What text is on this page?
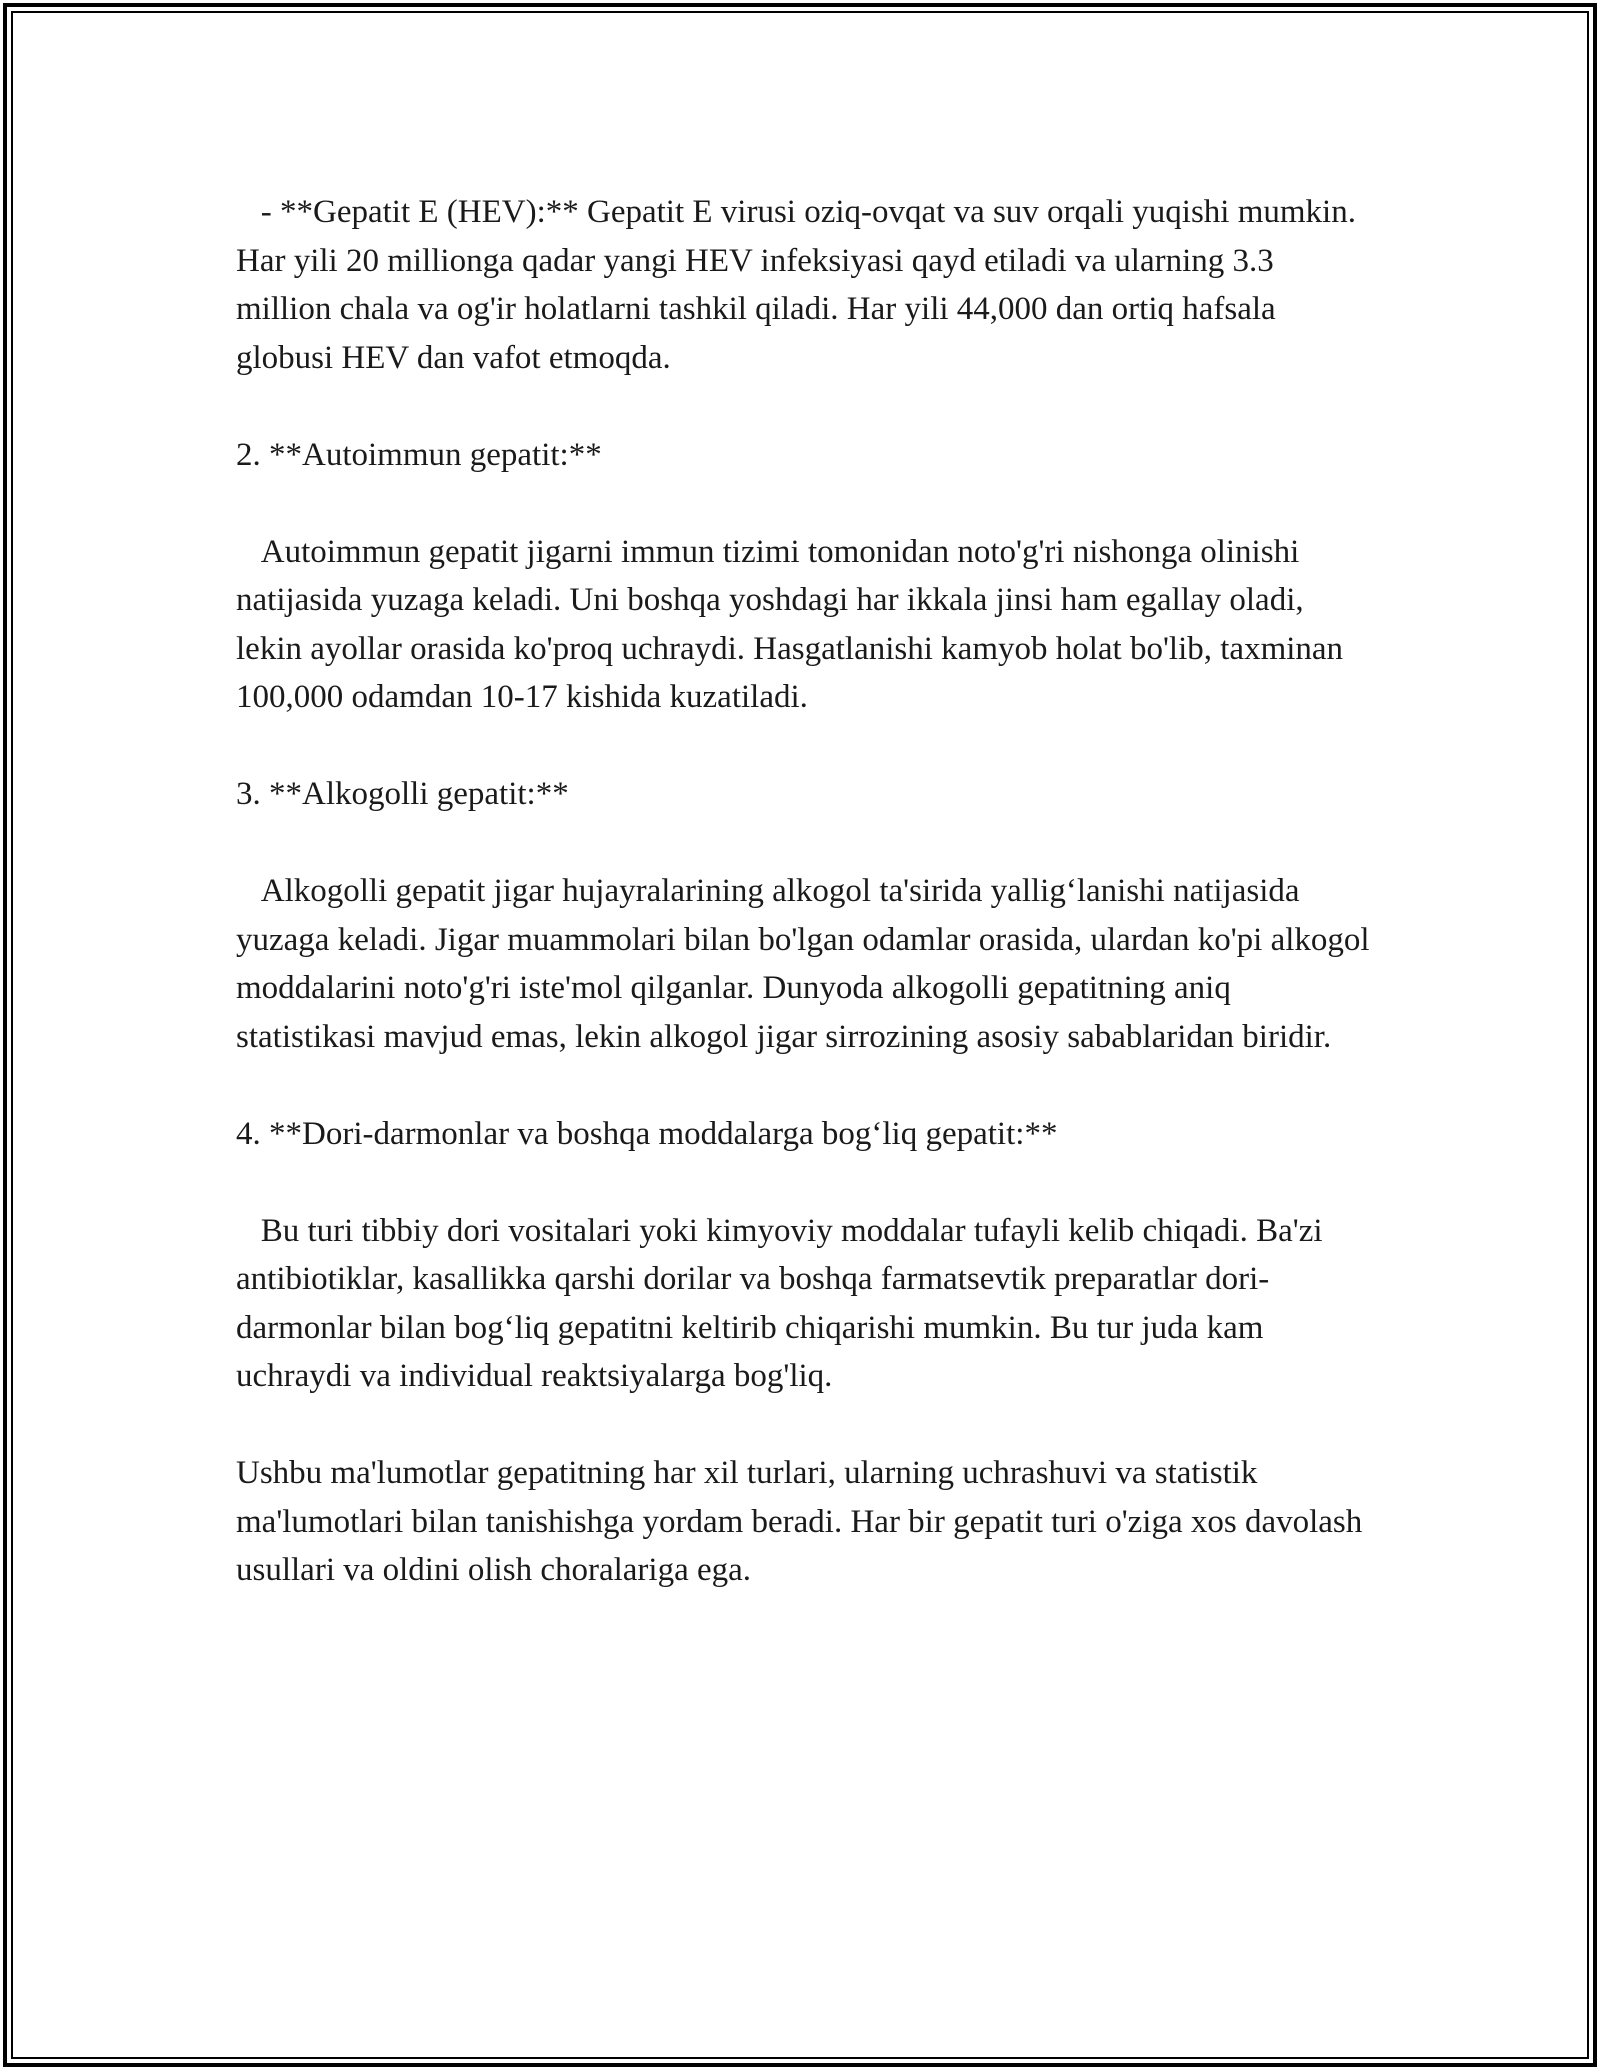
- **Gepatit E (HEV):** Gepatit E virusi oziq-ovqat va suv orqali yuqishi mumkin. Har yili 20 millionga qadar yangi HEV infeksiyasi qayd etiladi va ularning 3.3 million chala va og'ir holatlarni tashkil qiladi. Har yili 44,000 dan ortiq hafsala  globusi HEV dan vafot etmoqda.

2. **Autoimmun gepatit:**

Autoimmun gepatit jigarni immun tizimi tomonidan noto'g'ri nishonga olinishi natijasida yuzaga keladi. Uni boshqa yoshdagi har ikkala jinsi ham egallay oladi, lekin ayollar orasida ko'proq uchraydi. Hasgatlanishi kamyob holat bo'lib, taxminan 100,000 odamdan 10-17 kishida kuzatiladi.

3. **Alkogolli gepatit:**

Alkogolli gepatit jigar hujayralarining alkogol ta'sirida yallig‘lanishi natijasida yuzaga keladi. Jigar muammolari bilan bo'lgan odamlar orasida, ulardan ko'pi alkogol moddalarini noto'g'ri iste'mol qilganlar. Dunyoda alkogolli gepatitning aniq statistikasi mavjud emas, lekin alkogol jigar sirrozining asosiy sabablaridan biridir.

4. **Dori-darmonlar va boshqa moddalarga bog‘liq gepatit:**

Bu turi tibbiy dori vositalari yoki kimyoviy moddalar tufayli kelib chiqadi. Ba'zi antibiotiklar, kasallikka qarshi dorilar va boshqa farmatsevtik preparatlar dori-darmonlar bilan bog‘liq gepatitni keltirib chiqarishi mumkin. Bu tur juda kam uchraydi va individual reaktsiyalarga bog'liq.

Ushbu ma'lumotlar gepatitning har xil turlari, ularning uchrashuvi va statistik ma'lumotlari bilan tanishishga yordam beradi. Har bir gepatit turi o'ziga xos davolash usullari va oldini olish choralariga ega.
